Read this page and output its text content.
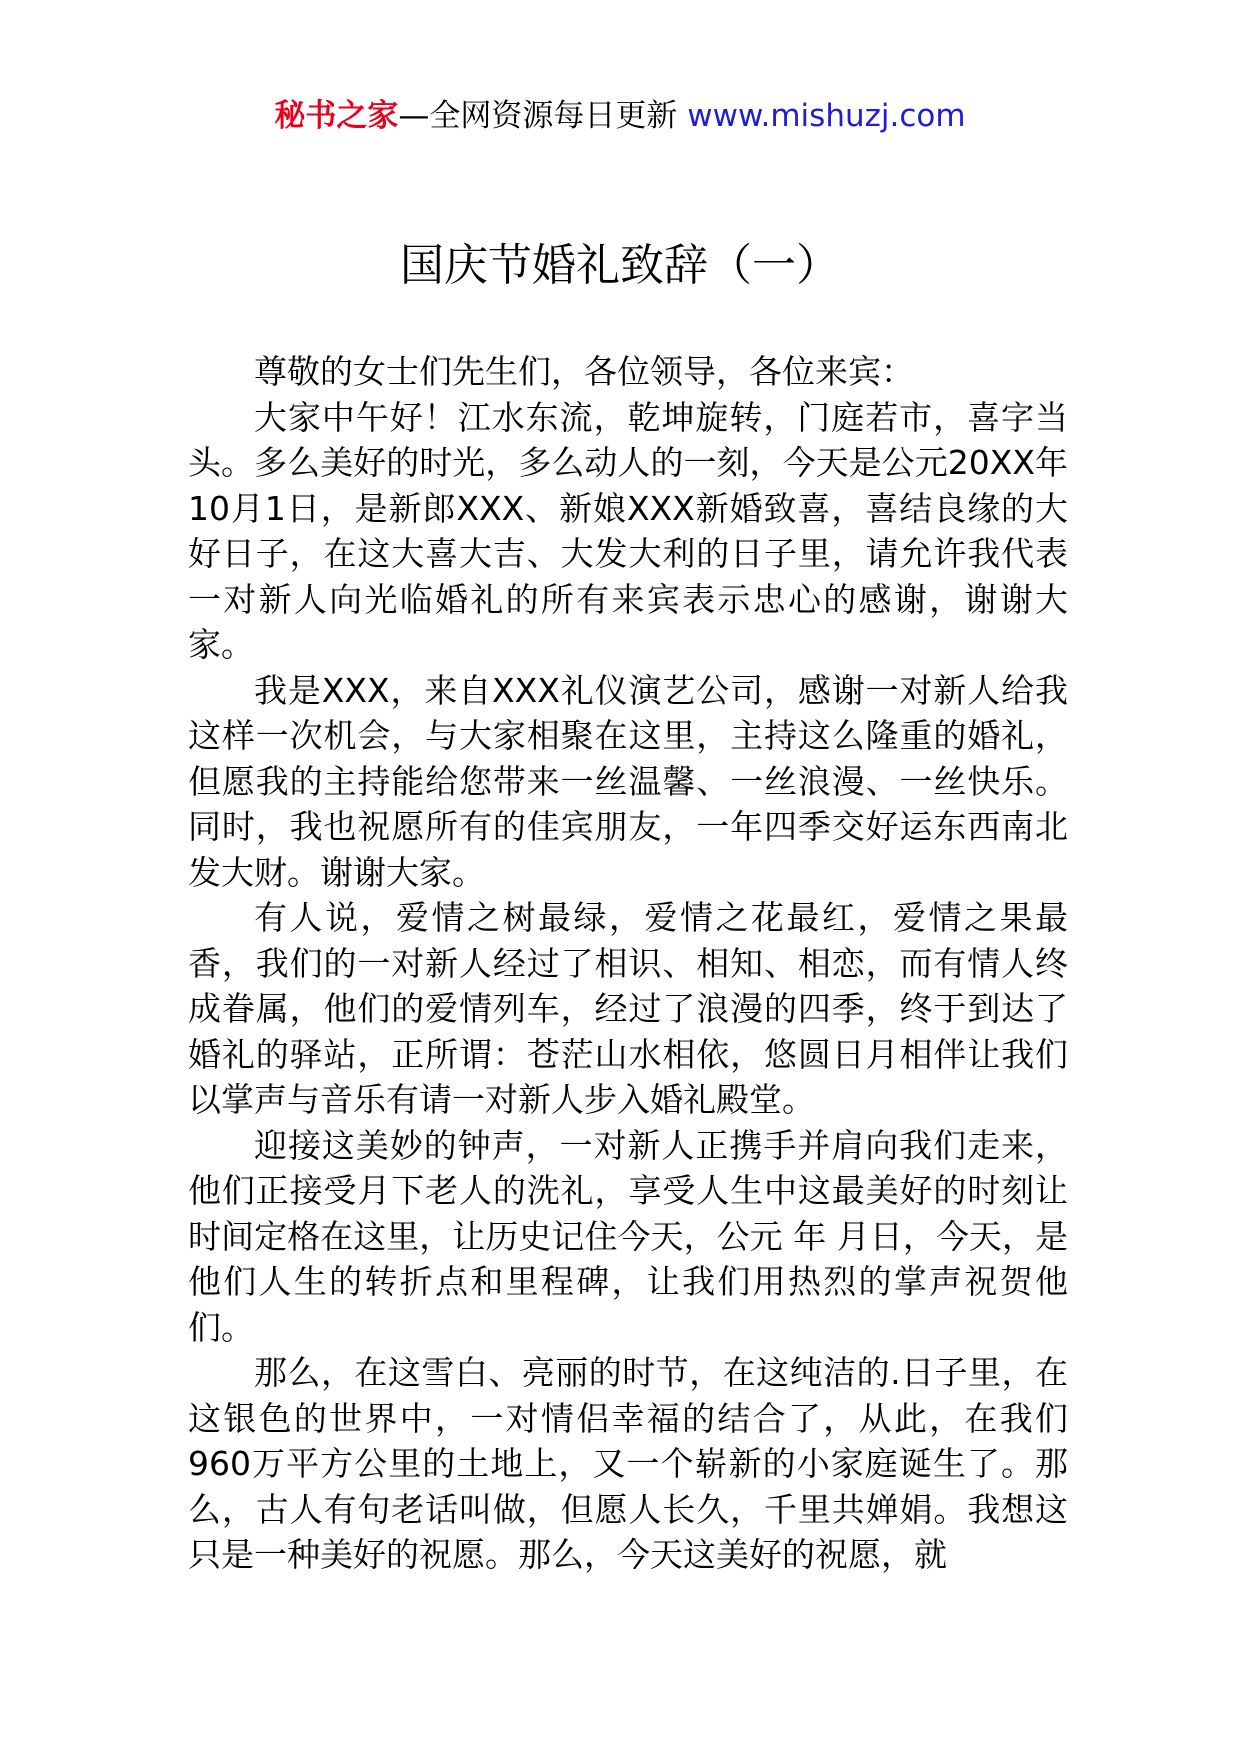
秘书之家—全网资源每日更新 www.mishuzj.com
国庆节婚礼致辞（一）

尊敬的女士们先生们，各位领导，各位来宾：

大家中午好！江水东流，乾坤旋转，门庭若市，喜字当头。多么美好的时光，多么动人的一刻，今天是公元20XX年10月1日，是新郎XXX、新娘XXX新婚致喜，喜结良缘的大好日子，在这大喜大吉、大发大利的日子里，请允许我代表一对新人向光临婚礼的所有来宾表示忠心的感谢，谢谢大家。

我是XXX，来自XXX礼仪演艺公司，感谢一对新人给我这样一次机会，与大家相聚在这里，主持这么隆重的婚礼，但愿我的主持能给您带来一丝温馨、一丝浪漫、一丝快乐。同时，我也祝愿所有的佳宾朋友，一年四季交好运东西南北发大财。谢谢大家。

有人说，爱情之树最绿，爱情之花最红，爱情之果最香，我们的一对新人经过了相识、相知、相恋，而有情人终成眷属，他们的爱情列车，经过了浪漫的四季，终于到达了婚礼的驿站，正所谓：苍茫山水相依，悠圆日月相伴让我们以掌声与音乐有请一对新人步入婚礼殿堂。

迎接这美妙的钟声，一对新人正携手并肩向我们走来，他们正接受月下老人的洗礼，享受人生中这最美好的时刻让时间定格在这里，让历史记住今天，公元 年 月日，今天，是他们人生的转折点和里程碑，让我们用热烈的掌声祝贺他们。

那么，在这雪白、亮丽的时节，在这纯洁的.日子里，在这银色的世界中，一对情侣幸福的结合了，从此，在我们960万平方公里的土地上，又一个崭新的小家庭诞生了。那么，古人有句老话叫做，但愿人长久，千里共婵娟。我想这只是一种美好的祝愿。那么，今天这美好的祝愿，就
